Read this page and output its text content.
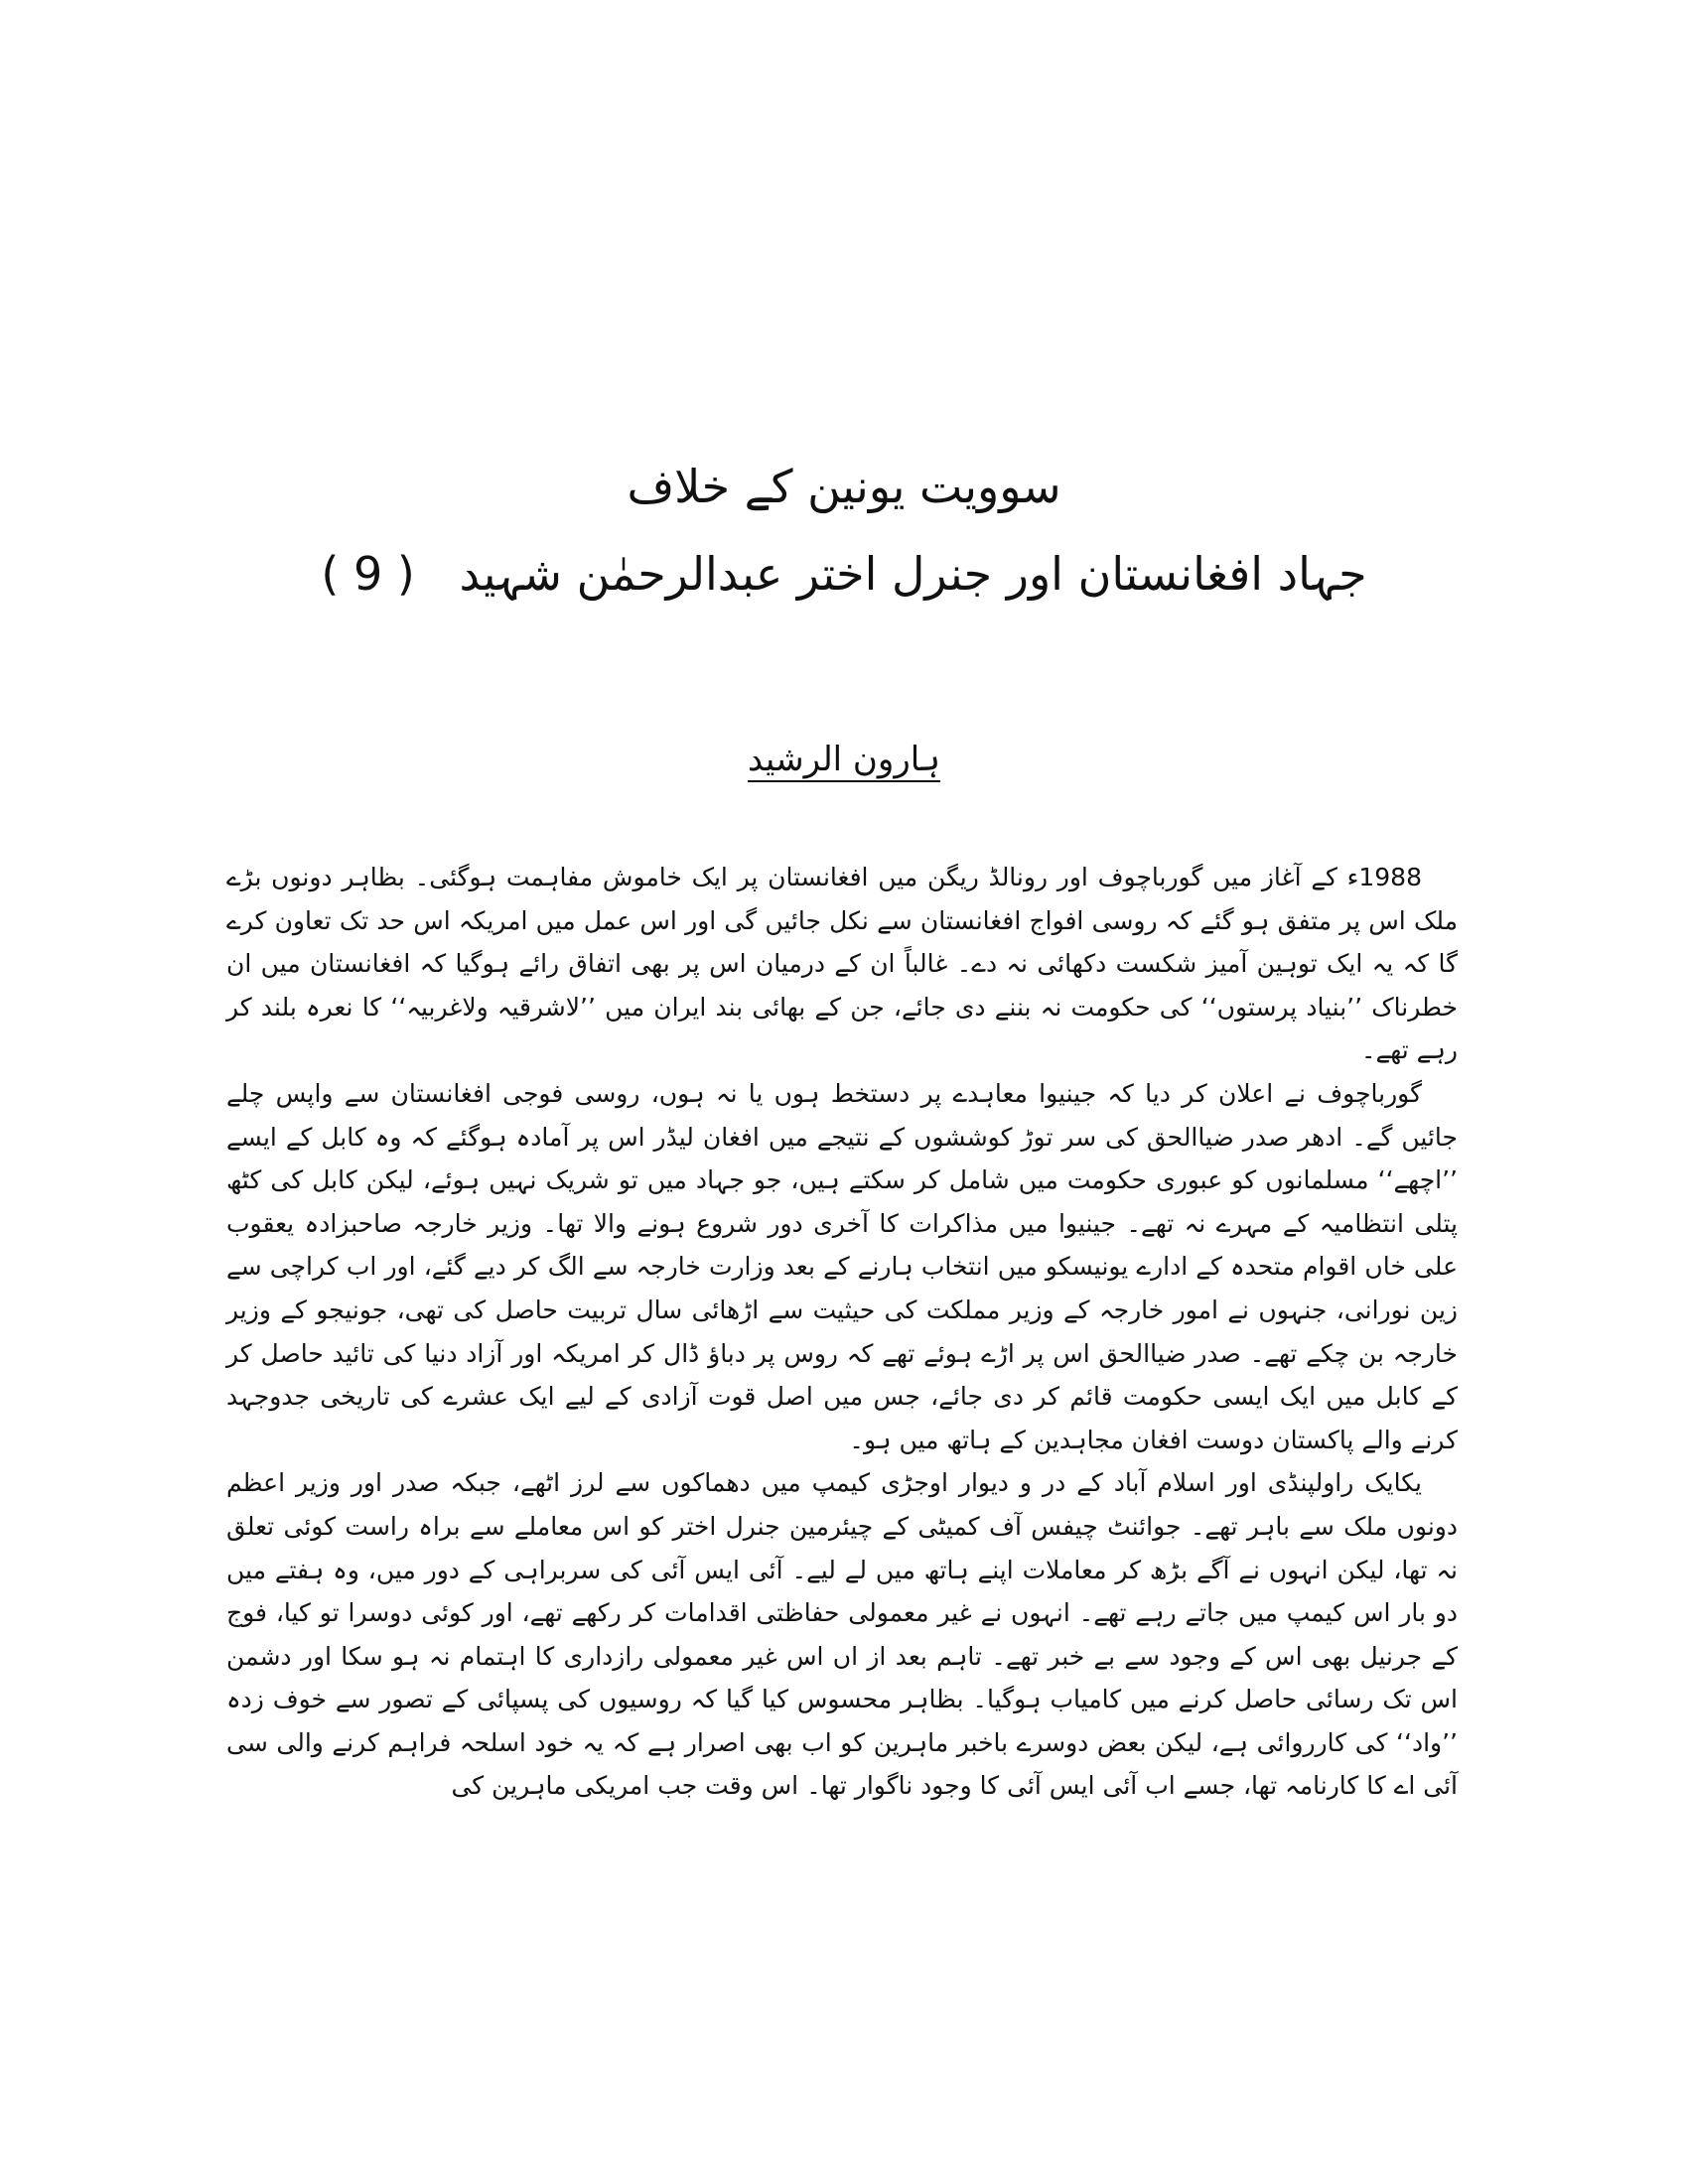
سوویت یونین کے خلاف
جہاد افغانستان اور جنرل اختر عبدالرحمٰن شہید ( 9 )
ہارون الرشید

1988ء کے آغاز میں گورباچوف اور رونالڈ ریگن میں افغانستان پر ایک خاموش مفاہمت ہوگئی۔ بظاہر دونوں بڑے ملک اس پر متفق ہو گئے کہ روسی افواج افغانستان سے نکل جائیں گی اور اس عمل میں امریکہ اس حد تک تعاون کرے گا کہ یہ ایک توہین آمیز شکست دکھائی نہ دے۔ غالباً ان کے درمیان اس پر بھی اتفاق رائے ہوگیا کہ افغانستان میں ان خطرناک ’’بنیاد پرستوں‘‘ کی حکومت نہ بننے دی جائے، جن کے بھائی بند ایران میں ’’لاشرقیہ ولاغربیہ‘‘ کا نعرہ بلند کر رہے تھے۔

گورباچوف نے اعلان کر دیا کہ جینیوا معاہدے پر دستخط ہوں یا نہ ہوں، روسی فوجی افغانستان سے واپس چلے جائیں گے۔ ادھر صدر ضیاالحق کی سر توڑ کوششوں کے نتیجے میں افغان لیڈر اس پر آمادہ ہوگئے کہ وہ کابل کے ایسے ’’اچھے‘‘ مسلمانوں کو عبوری حکومت میں شامل کر سکتے ہیں، جو جہاد میں تو شریک نہیں ہوئے، لیکن کابل کی کٹھ پتلی انتظامیہ کے مہرے نہ تھے۔ جینیوا میں مذاکرات کا آخری دور شروع ہونے والا تھا۔ وزیر خارجہ صاحبزادہ یعقوب علی خاں اقوام متحدہ کے ادارے یونیسکو میں انتخاب ہارنے کے بعد وزارت خارجہ سے الگ کر دیے گئے، اور اب کراچی سے زین نورانی، جنہوں نے امور خارجہ کے وزیر مملکت کی حیثیت سے اڑھائی سال تربیت حاصل کی تھی، جونیجو کے وزیر خارجہ بن چکے تھے۔ صدر ضیاالحق اس پر اڑے ہوئے تھے کہ روس پر دباؤ ڈال کر امریکہ اور آزاد دنیا کی تائید حاصل کر کے کابل میں ایک ایسی حکومت قائم کر دی جائے، جس میں اصل قوت آزادی کے لیے ایک عشرے کی تاریخی جدوجہد کرنے والے پاکستان دوست افغان مجاہدین کے ہاتھ میں ہو۔

یکایک راولپنڈی اور اسلام آباد کے در و دیوار اوجڑی کیمپ میں دھماکوں سے لرز اٹھے، جبکہ صدر اور وزیر اعظم دونوں ملک سے باہر تھے۔ جوائنٹ چیفس آف کمیٹی کے چیئرمین جنرل اختر کو اس معاملے سے براہ راست کوئی تعلق نہ تھا، لیکن انہوں نے آگے بڑھ کر معاملات اپنے ہاتھ میں لے لیے۔ آئی ایس آئی کی سربراہی کے دور میں، وہ ہفتے میں دو بار اس کیمپ میں جاتے رہے تھے۔ انہوں نے غیر معمولی حفاظتی اقدامات کر رکھے تھے، اور کوئی دوسرا تو کیا، فوج کے جرنیل بھی اس کے وجود سے بے خبر تھے۔ تاہم بعد از اں اس غیر معمولی رازداری کا اہتمام نہ ہو سکا اور دشمن اس تک رسائی حاصل کرنے میں کامیاب ہوگیا۔ بظاہر محسوس کیا گیا کہ روسیوں کی پسپائی کے تصور سے خوف زدہ ’’واد‘‘ کی کارروائی ہے، لیکن بعض دوسرے باخبر ماہرین کو اب بھی اصرار ہے کہ یہ خود اسلحہ فراہم کرنے والی سی آئی اے کا کارنامہ تھا، جسے اب آئی ایس آئی کا وجود ناگوار تھا۔ اس وقت جب امریکی ماہرین کی
